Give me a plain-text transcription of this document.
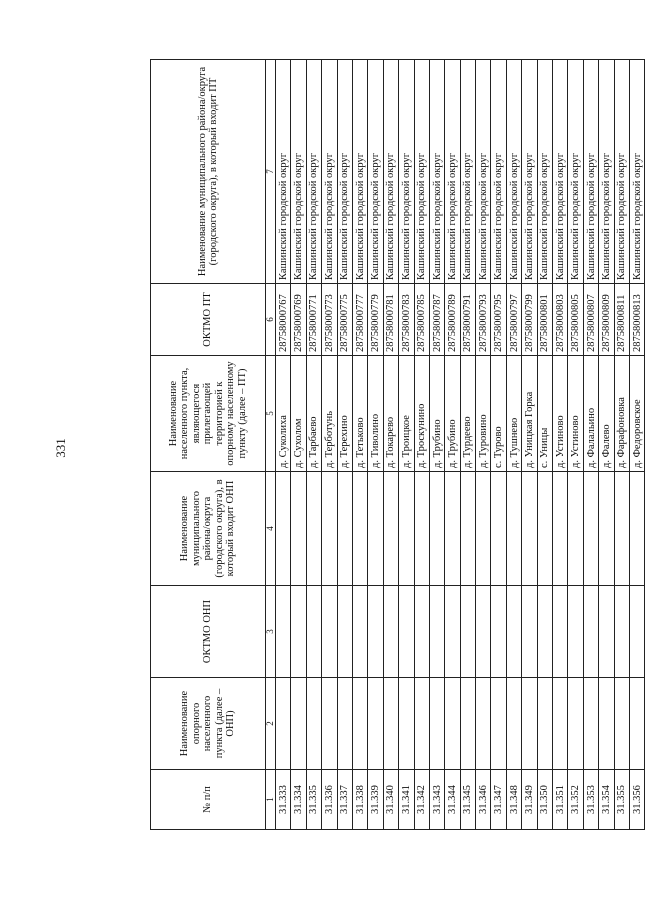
331
№ п/п	Наименование опорного населенного пункта (далее – ОНП)	ОКТМО ОНП	Наименование муниципального района/округа (городского округа), в который входит ОНП	Наименование населенного пункта, являющегося прилегающей территорией к опорному населенному пункту (далее – ПТ)	ОКТМО ПТ	Наименование муниципального района/округа (городского округа), в который входит ПТ
1	2	3	4	5	6	7
31.333				д. Суколиха	28758000767	Кашинский городской округ
31.334				д. Сухолом	28758000769	Кашинский городской округ
31.335				д. Тарбаево	28758000771	Кашинский городской округ
31.336				д. Терботунь	28758000773	Кашинский городской округ
31.337				д. Терехино	28758000775	Кашинский городской округ
31.338				д. Тетьково	28758000777	Кашинский городской округ
31.339				д. Тиволино	28758000779	Кашинский городской округ
31.340				д. Токарево	28758000781	Кашинский городской округ
31.341				д. Троицкое	28758000783	Кашинский городской округ
31.342				д. Троскунино	28758000785	Кашинский городской округ
31.343				д. Трубино	28758000787	Кашинский городской округ
31.344				д. Трубино	28758000789	Кашинский городской округ
31.345				д. Турдеево	28758000791	Кашинский городской округ
31.346				д. Туровино	28758000793	Кашинский городской округ
31.347				с. Турово	28758000795	Кашинский городской округ
31.348				д. Тушнево	28758000797	Кашинский городской округ
31.349				д. Уницкая Горка	28758000799	Кашинский городской округ
31.350				с. Уницы	28758000801	Кашинский городской округ
31.351				д. Устиново	28758000803	Кашинский городской округ
31.352				д. Устиново	28758000805	Кашинский городской округ
31.353				д. Фалальино	28758000807	Кашинский городской округ
31.354				д. Фалево	28758000809	Кашинский городской округ
31.355				д. Фарафоновка	28758000811	Кашинский городской округ
31.356				д. Федоровское	28758000813	Кашинский городской округ
